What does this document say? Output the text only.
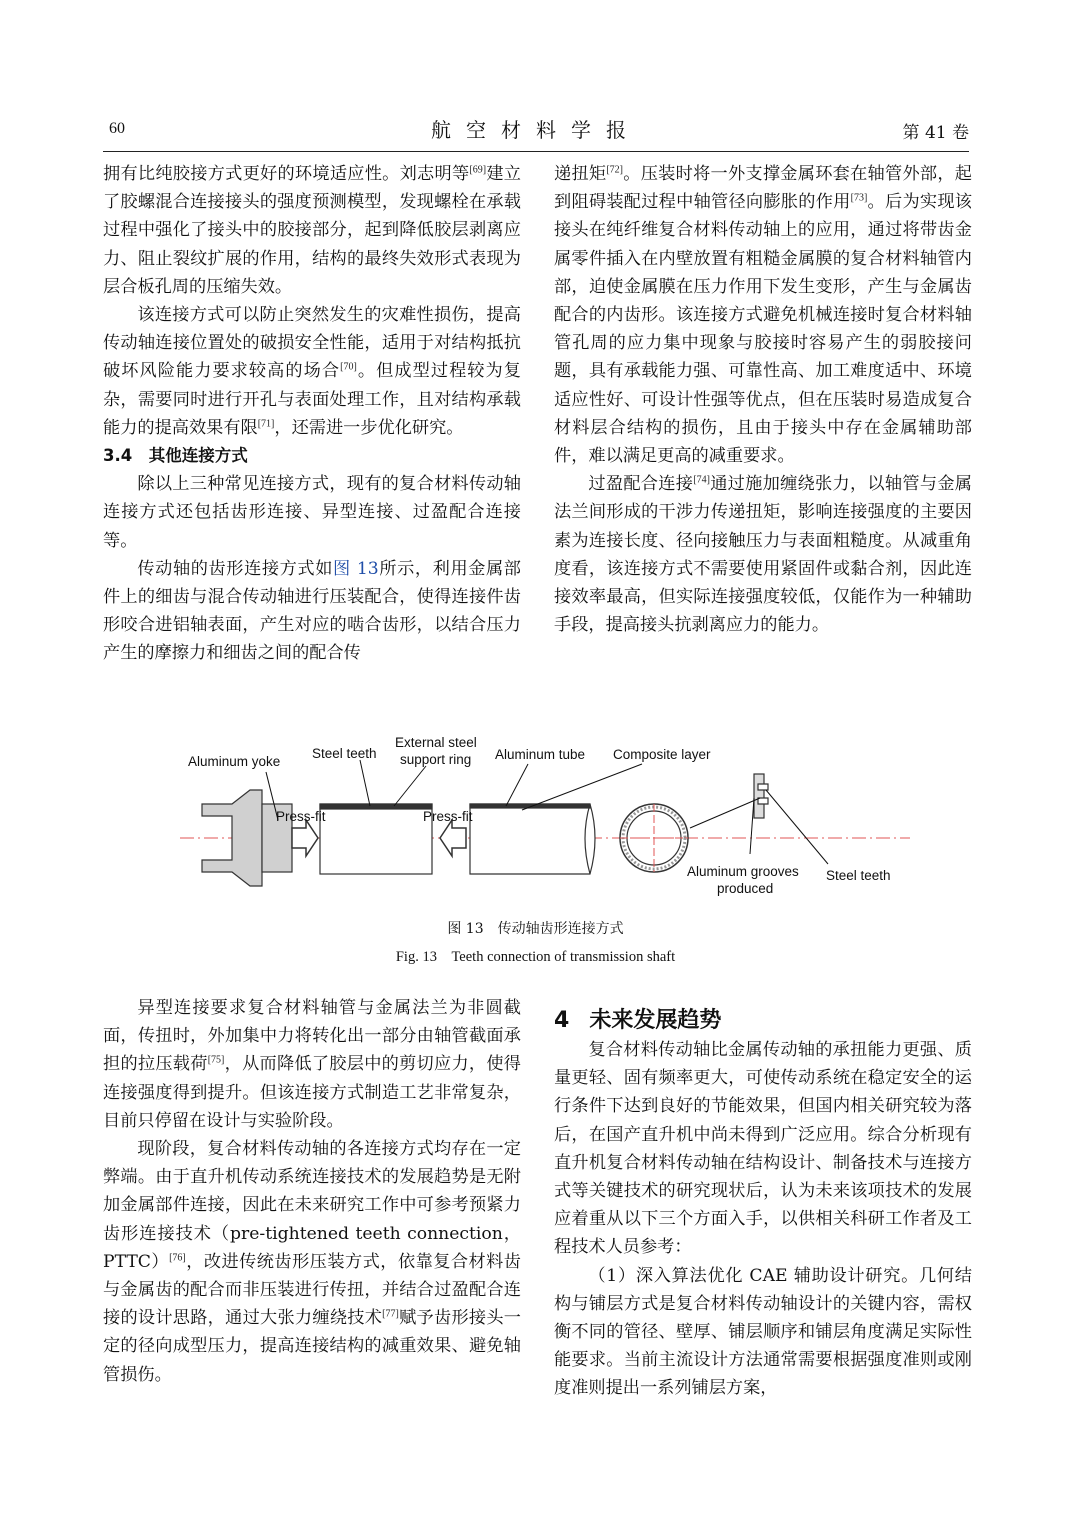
60	航空材料学报	第 41 卷

拥有比纯胶接方式更好的环境适应性。刘志明等[69]建立了胶螺混合连接接头的强度预测模型，发现螺栓在承载过程中强化了接头中的胶接部分，起到降低胶层剥离应力、阻止裂纹扩展的作用，结构的最终失效形式表现为层合板孔周的压缩失效。

该连接方式可以防止突然发生的灾难性损伤，提高传动轴连接位置处的破损安全性能，适用于对结构抵抗破坏风险能力要求较高的场合[70]。但成型过程较为复杂，需要同时进行开孔与表面处理工作，且对结构承载能力的提高效果有限[71]，还需进一步优化研究。

3.4　其他连接方式

除以上三种常见连接方式，现有的复合材料传动轴连接方式还包括齿形连接、异型连接、过盈配合连接等。

传动轴的齿形连接方式如图 13所示，利用金属部件上的细齿与混合传动轴进行压装配合，使得连接件齿形咬合进铝轴表面，产生对应的啮合齿形，以结合压力产生的摩擦力和细齿之间的配合传

递扭矩[72]。压装时将一外支撑金属环套在轴管外部，起到阻碍装配过程中轴管径向膨胀的作用[73]。后为实现该接头在纯纤维复合材料传动轴上的应用，通过将带齿金属零件插入在内壁放置有粗糙金属膜的复合材料轴管内部，迫使金属膜在压力作用下发生变形，产生与金属齿配合的内齿形。该连接方式避免机械连接时复合材料轴管孔周的应力集中现象与胶接时容易产生的弱胶接问题，具有承载能力强、可靠性高、加工难度适中、环境适应性好、可设计性强等优点，但在压装时易造成复合材料层合结构的损伤，且由于接头中存在金属辅助部件，难以满足更高的减重要求。

过盈配合连接[74]通过施加缠绕张力，以轴管与金属法兰间形成的干涉力传递扭矩，影响连接强度的主要因素为连接长度、径向接触压力与表面粗糙度。从减重角度看，该连接方式不需要使用紧固件或黏合剂，因此连接效率最高，但实际连接强度较低，仅能作为一种辅助手段，提高接头抗剥离应力的能力。

Aluminum yoke
Steel teeth
External steel
support ring Aluminum tube Composite layer
Press-fit	Press-fit
Aluminum grooves
produced
Steel teeth
图 13　传动轴齿形连接方式
Fig. 13　Teeth connection of transmission shaft

异型连接要求复合材料轴管与金属法兰为非圆截面，传扭时，外加集中力将转化出一部分由轴管截面承担的拉压载荷[75]，从而降低了胶层中的剪切应力，使得连接强度得到提升。但该连接方式制造工艺非常复杂，目前只停留在设计与实验阶段。

现阶段，复合材料传动轴的各连接方式均存在一定弊端。由于直升机传动系统连接技术的发展趋势是无附加金属部件连接，因此在未来研究工作中可参考预紧力齿形连接技术（pre-tightened teeth connection，PTTC）[76]，改进传统齿形压装方式，依靠复合材料齿与金属齿的配合而非压装进行传扭，并结合过盈配合连接的设计思路，通过大张力缠绕技术[77]赋予齿形接头一定的径向成型压力，提高连接结构的减重效果、避免轴管损伤。

4 未来发展趋势

复合材料传动轴比金属传动轴的承扭能力更强、质量更轻、固有频率更大，可使传动系统在稳定安全的运行条件下达到良好的节能效果，但国内相关研究较为落后，在国产直升机中尚未得到广泛应用。综合分析现有直升机复合材料传动轴在结构设计、制备技术与连接方式等关键技术的研究现状后，认为未来该项技术的发展应着重从以下三个方面入手，以供相关科研工作者及工程技术人员参考：

（1）深入算法优化 CAE 辅助设计研究。几何结构与铺层方式是复合材料传动轴设计的关键内容，需权衡不同的管径、壁厚、铺层顺序和铺层角度满足实际性能要求。当前主流设计方法通常需要根据强度准则或刚度准则提出一系列铺层方案，
